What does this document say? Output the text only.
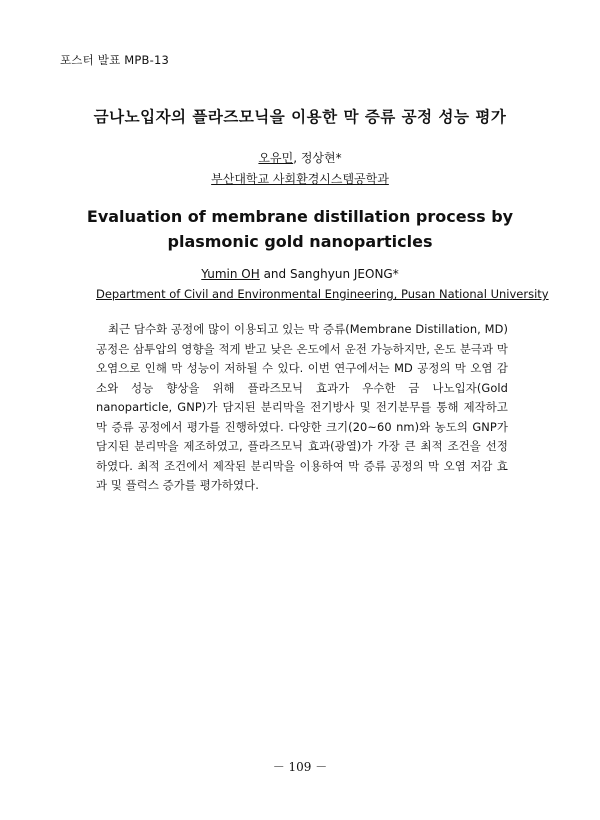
포스터 발표 MPB-13
금나노입자의 플라즈모닉을 이용한 막 증류 공정 성능 평가
오유민, 정상현*
부산대학교 사회환경시스템공학과
Evaluation of membrane distillation process by plasmonic gold nanoparticles
Yumin OH and Sanghyun JEONG*
Department of Civil and Environmental Engineering, Pusan National University

최근 담수화 공정에 많이 이용되고 있는 막 증류(Membrane Distillation, MD) 공정은 삼투압의 영향을 적게 받고 낮은 온도에서 운전 가능하지만, 온도 분극과 막 오염으로 인해 막 성능이 저하될 수 있다. 이번 연구에서는 MD 공정의 막 오염 감소와 성능 향상을 위해 플라즈모닉 효과가 우수한 금 나노입자(Gold nanoparticle, GNP)가 담지된 분리막을 전기방사 및 전기분무를 통해 제작하고 막 증류 공정에서 평가를 진행하였다. 다양한 크기(20~60 nm)와 농도의 GNP가 담지된 분리막을 제조하였고, 플라즈모닉 효과(광열)가 가장 큰 최적 조건을 선정하였다. 최적 조건에서 제작된 분리막을 이용하여 막 증류 공정의 막 오염 저감 효과 및 플럭스 증가를 평가하였다.

－ 109 －
